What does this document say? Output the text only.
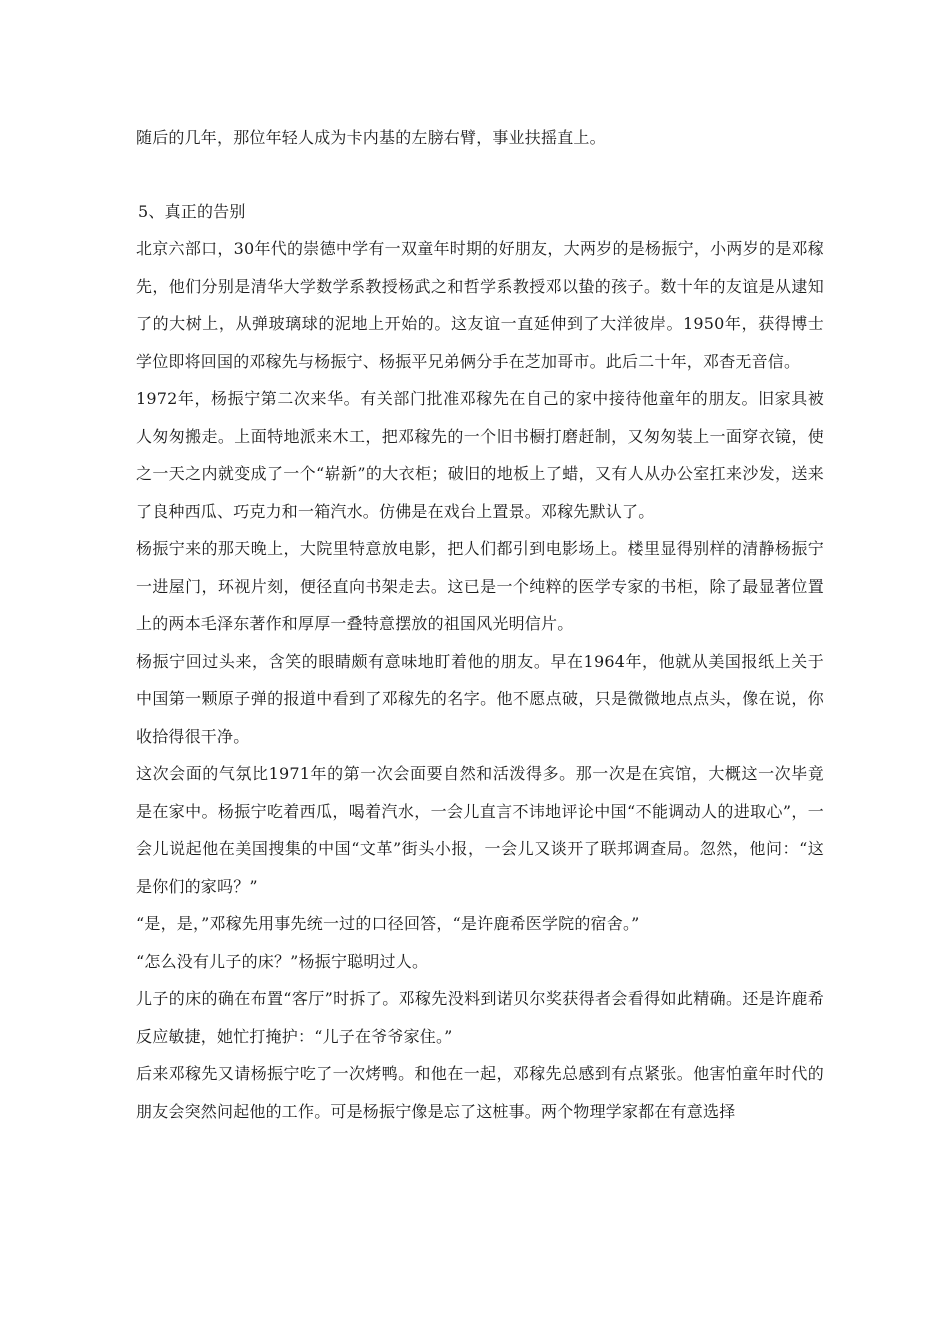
随后的几年，那位年轻人成为卡内基的左膀右臂，事业扶摇直上。

5、真正的告别

北京六部口，30年代的崇德中学有一双童年时期的好朋友，大两岁的是杨振宁，小两岁的是邓稼先，他们分别是清华大学数学系教授杨武之和哲学系教授邓以蛰的孩子。数十年的友谊是从逮知了的大树上，从弹玻璃球的泥地上开始的。这友谊一直延伸到了大洋彼岸。1950年，获得博士学位即将回国的邓稼先与杨振宁、杨振平兄弟俩分手在芝加哥市。此后二十年，邓杳无音信。

1972年，杨振宁第二次来华。有关部门批准邓稼先在自己的家中接待他童年的朋友。旧家具被人匆匆搬走。上面特地派来木工，把邓稼先的一个旧书橱打磨赶制，又匆匆装上一面穿衣镜，使之一天之内就变成了一个“崭新”的大衣柜；破旧的地板上了蜡，又有人从办公室扛来沙发，送来了良种西瓜、巧克力和一箱汽水。仿佛是在戏台上置景。邓稼先默认了。

杨振宁来的那天晚上，大院里特意放电影，把人们都引到电影场上。楼里显得别样的清静杨振宁一进屋门，环视片刻，便径直向书架走去。这已是一个纯粹的医学专家的书柜，除了最显著位置上的两本毛泽东著作和厚厚一叠特意摆放的祖国风光明信片。

杨振宁回过头来，含笑的眼睛颇有意味地盯着他的朋友。早在1964年，他就从美国报纸上关于中国第一颗原子弹的报道中看到了邓稼先的名字。他不愿点破，只是微微地点点头，像在说，你收拾得很干净。

这次会面的气氛比1971年的第一次会面要自然和活泼得多。那一次是在宾馆，大概这一次毕竟是在家中。杨振宁吃着西瓜，喝着汽水，一会儿直言不讳地评论中国“不能调动人的进取心”，一会儿说起他在美国搜集的中国“文革”街头小报，一会儿又谈开了联邦调查局。忽然，他问：“这是你们的家吗？”

“是，是，”邓稼先用事先统一过的口径回答，“是许鹿希医学院的宿舍。”

“怎么没有儿子的床？”杨振宁聪明过人。

儿子的床的确在布置“客厅”时拆了。邓稼先没料到诺贝尔奖获得者会看得如此精确。还是许鹿希反应敏捷，她忙打掩护：“儿子在爷爷家住。”

后来邓稼先又请杨振宁吃了一次烤鸭。和他在一起，邓稼先总感到有点紧张。他害怕童年时代的朋友会突然问起他的工作。可是杨振宁像是忘了这桩事。两个物理学家都在有意选择
